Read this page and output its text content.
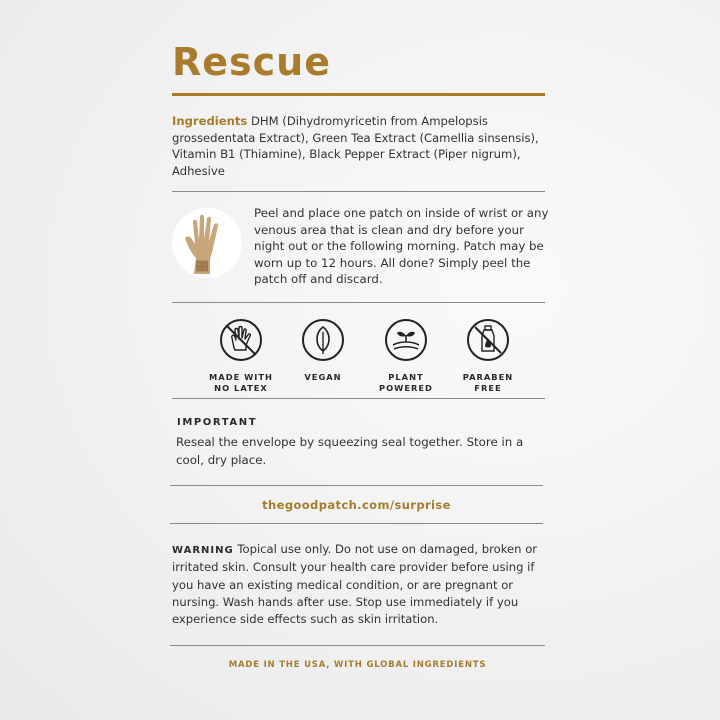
Rescue
Ingredients DHM (Dihydromyricetin from Ampelopsis grossedentata Extract), Green Tea Extract (Camellia sinsensis), Vitamin B1 (Thiamine), Black Pepper Extract (Piper nigrum), Adhesive
Peel and place one patch on inside of wrist or any venous area that is clean and dry before your night out or the following morning. Patch may be worn up to 12 hours. All done? Simply peel the patch off and discard.
MADE WITH
NO LATEX
VEGAN	PLANT
POWERED
PARABEN
FREE
IMPORTANT
Reseal the envelope by squeezing seal together. Store in a cool, dry place.
thegoodpatch.com/surprise
WARNING Topical use only. Do not use on damaged, broken or irritated skin. Consult your health care provider before using if you have an existing medical condition, or are pregnant or nursing. Wash hands after use. Stop use immediately if you experience side effects such as skin irritation.
MADE IN THE USA, WITH GLOBAL INGREDIENTS
